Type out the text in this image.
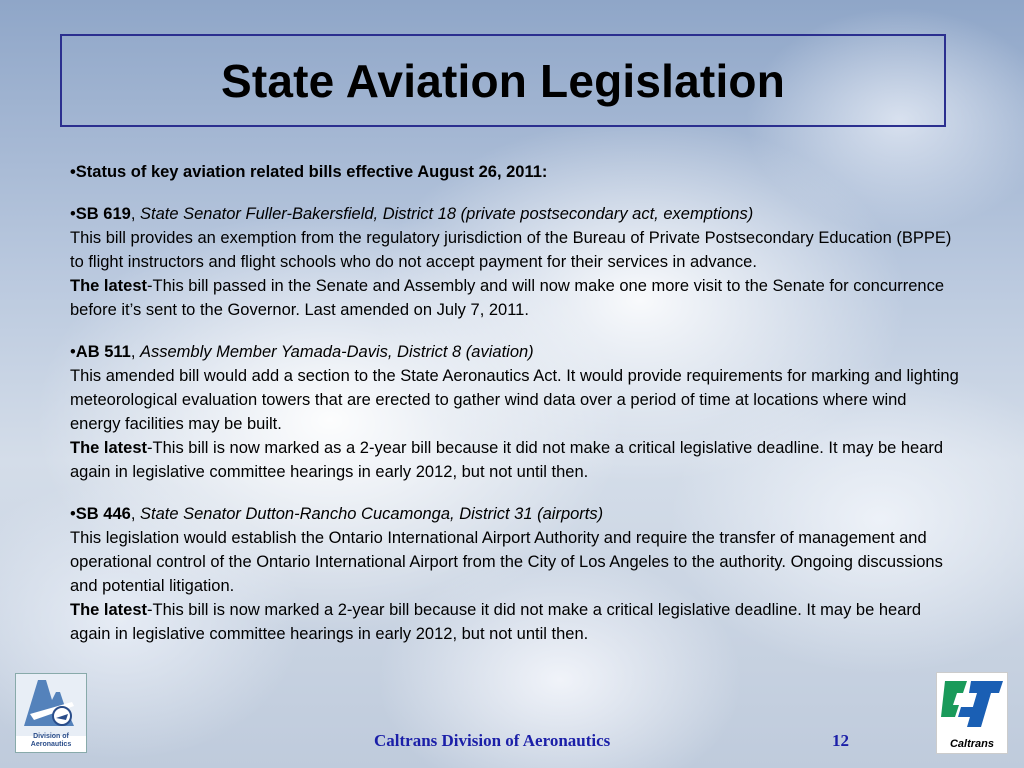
State Aviation Legislation
•Status of key aviation related bills effective August 26, 2011:
•SB 619, State Senator Fuller-Bakersfield, District 18 (private postsecondary act, exemptions)
This bill provides an exemption from the regulatory jurisdiction of the Bureau of Private Postsecondary Education (BPPE) to flight instructors and flight schools who do not accept payment for their services in advance.
The latest-This bill passed in the Senate and Assembly and will now make one more visit to the Senate for concurrence before it’s sent to the Governor. Last amended on July 7, 2011.
•AB 511, Assembly Member Yamada-Davis, District 8 (aviation)
This amended bill would add a section to the State Aeronautics Act. It would provide requirements for marking and lighting meteorological evaluation towers that are erected to gather wind data over a period of time at locations where wind energy facilities may be built.
The latest-This bill is now marked as a 2-year bill because it did not make a critical legislative deadline. It may be heard again in legislative committee hearings in early 2012, but not until then.
•SB 446, State Senator Dutton-Rancho Cucamonga, District 31 (airports)
This legislation would establish the Ontario International Airport Authority and require the transfer of management and operational control of the Ontario International Airport from the City of Los Angeles to the authority. Ongoing discussions and potential litigation.
The latest-This bill is now marked a 2-year bill because it did not make a critical legislative deadline. It may be heard again in legislative committee hearings in early 2012, but not until then.
Division of Aeronautics	Caltrans Division of Aeronautics	12	Caltrans
